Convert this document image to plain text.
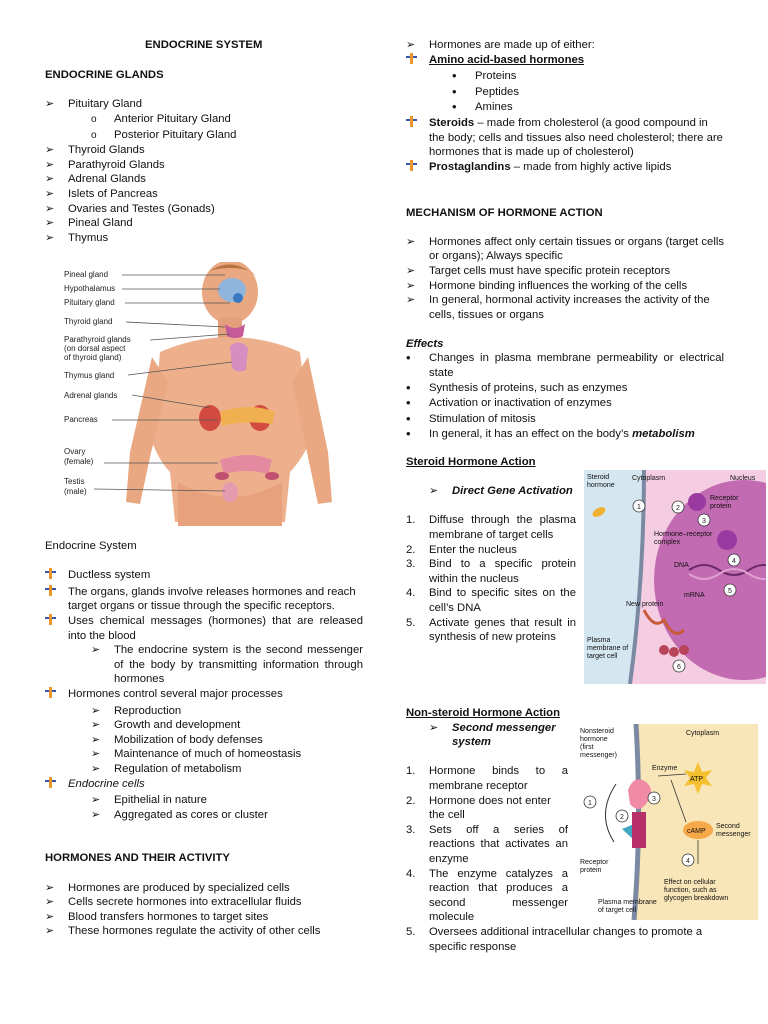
ENDOCRINE SYSTEM
ENDOCRINE GLANDS
➢
Pituitary Gland
o
Anterior Pituitary Gland
o
Posterior Pituitary Gland
➢
Thyroid Glands
➢
Parathyroid Glands
➢
Adrenal Glands
➢
Islets of Pancreas
➢
Ovaries and Testes (Gonads)
➢
Pineal Gland
➢
Thymus
Pineal gland
Hypothalamus
Pituitary gland
Thyroid gland
Parathyroid glands
(on dorsal aspect
of thyroid gland)
Thymus gland
Adrenal glands
Pancreas
Ovary
(female)
Testis
(male)
Endocrine System
Ductless system
The organs, glands involve releases hormones and reach target organs or tissue through the specific receptors.
Uses chemical messages (hormones) that are released into the blood
➢
The endocrine system is the second messenger of the body by transmitting information through hormones
Hormones control several major processes
➢
Reproduction
➢
Growth and development
➢
Mobilization of body defenses
➢
Maintenance of much of homeostasis
➢
Regulation of metabolism
Endocrine cells
➢
Epithelial in nature
➢
Aggregated as cores or cluster
HORMONES AND THEIR ACTIVITY
➢
Hormones are produced by specialized cells
➢
Cells secrete hormones into extracellular fluids
➢
Blood transfers hormones to target sites
➢
These hormones regulate the activity of other cells
➢
Hormones are made up of either:
Amino acid-based hormones
•
Proteins
•
Peptides
•
Amines
Steroids – made from cholesterol (a good compound in the body; cells and tissues also need cholesterol; there are hormones that is made up of cholesterol)
Prostaglandins – made from highly active lipids
MECHANISM OF HORMONE ACTION
➢
Hormones affect only certain tissues or organs (target cells or organs); Always specific
➢
Target cells must have specific protein receptors
➢
Hormone binding influences the working of the cells
➢
In general, hormonal activity increases the activity of the cells, tissues or organs
Effects
•
Changes in plasma membrane permeability or electrical state
•
Synthesis of proteins, such as enzymes
•
Activation or inactivation of enzymes
•
Stimulation of mitosis
•
In general, it has an effect on the body’s metabolism
Steroid Hormone Action
➢
Direct Gene Activation
1.	Diffuse through the plasma membrane of target cells
2.	Enter the nucleus
3.	Bind to a specific protein within the nucleus
4.	Bind to specific sites on the cell’s DNA
5.	Activate genes that result in synthesis of new proteins
1	2
3
4
5
6
Steroid hormone
Cytoplasm	Nucleus
Receptor protein
Hormone–receptor
complex
DNA
mRNA
New protein
Plasma membrane of target cell
Non-steroid Hormone Action
➢
Second messenger system
1.	Hormone binds to a membrane receptor
2.	Hormone does not enter the cell
3.	Sets off a series of reactions that activates an enzyme
4.	The enzyme catalyzes a reaction that produces a second messenger molecule
5.	Oversees additional intracellular changes to promote a specific response
1
2
3
4
Nonsteroid hormone (first messenger)
Cytoplasm
Enzyme
ATP
cAMP
Second messenger
Receptor protein
Plasma membrane of target cell
Effect on cellular function, such as glycogen breakdown
